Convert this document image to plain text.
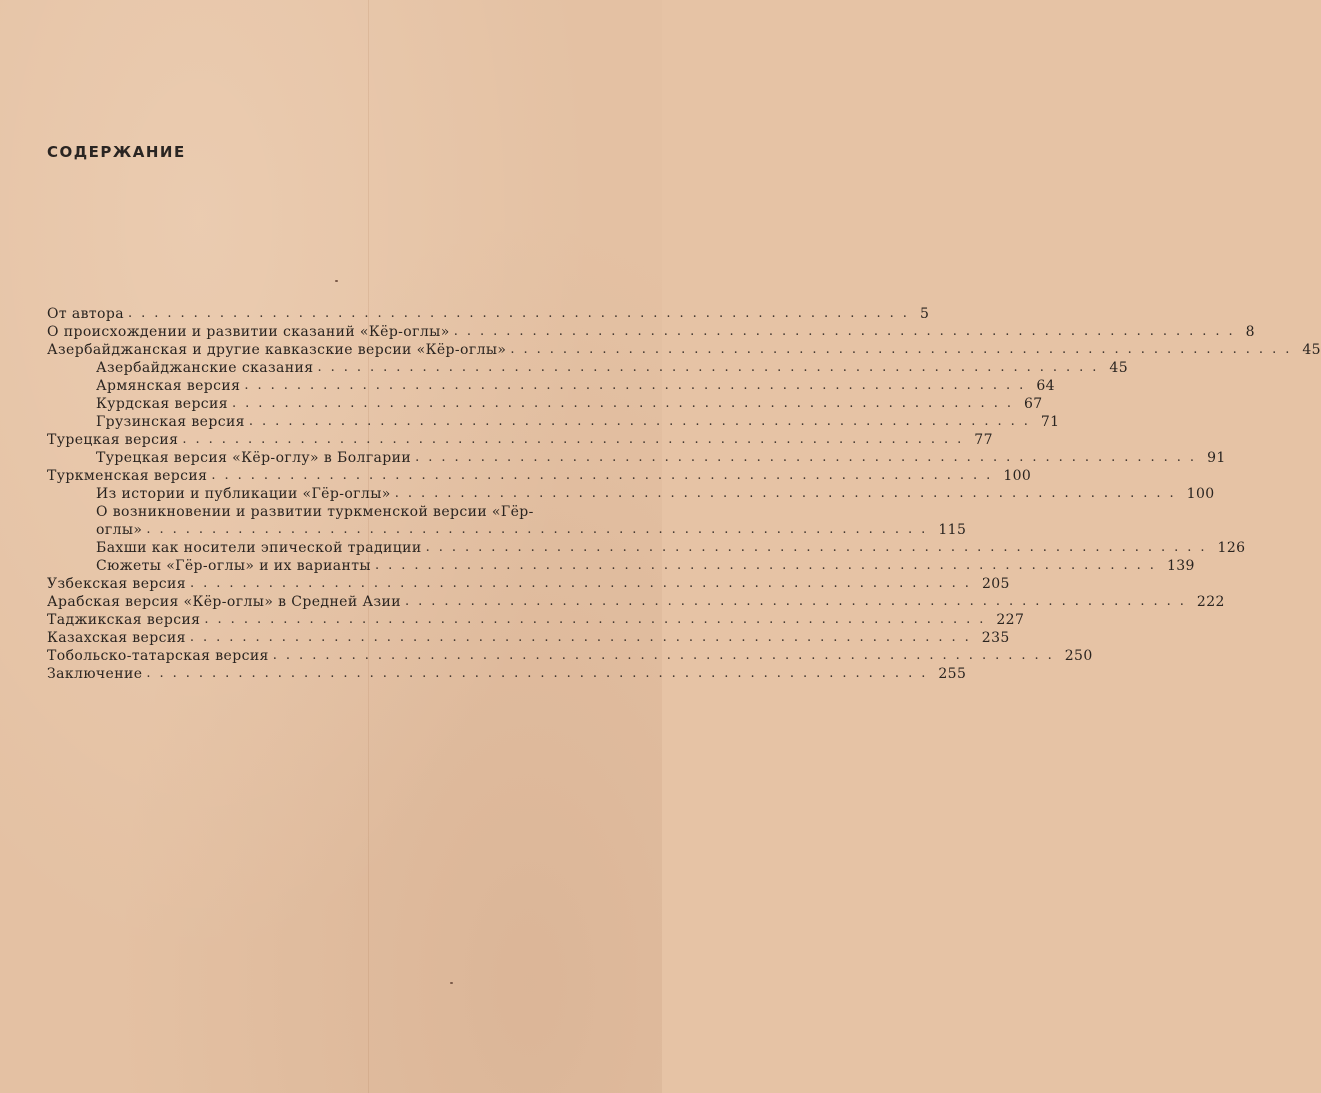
СОДЕРЖАНИЕ
От автора ............................................................ 5
О происхождении и развитии сказаний «Кёр-оглы» ............................................................ 8
Азербайджанская и другие кавказские версии «Кёр-оглы» ............................................................ 45
Азербайджанские сказания ............................................................ 45
Армянская версия ............................................................ 64
Курдская версия ............................................................ 67
Грузинская версия ............................................................ 71
Турецкая версия ............................................................ 77
Турецкая версия «Кёр-оглу» в Болгарии ............................................................ 91
Туркменская версия ............................................................ 100
Из истории и публикации «Гёр-оглы» ............................................................ 100
О возникновении и развитии туркменской версии «Гёр-
оглы» ............................................................ 115
Бахши как носители эпической традиции ............................................................ 126
Сюжеты «Гёр-оглы» и их варианты ............................................................ 139
Узбекская версия ............................................................ 205
Арабская версия «Кёр-оглы» в Средней Азии ............................................................ 222
Таджикская версия ............................................................ 227
Казахская версия ............................................................ 235
Тобольско-татарская версия ............................................................ 250
Заключение ............................................................ 255
